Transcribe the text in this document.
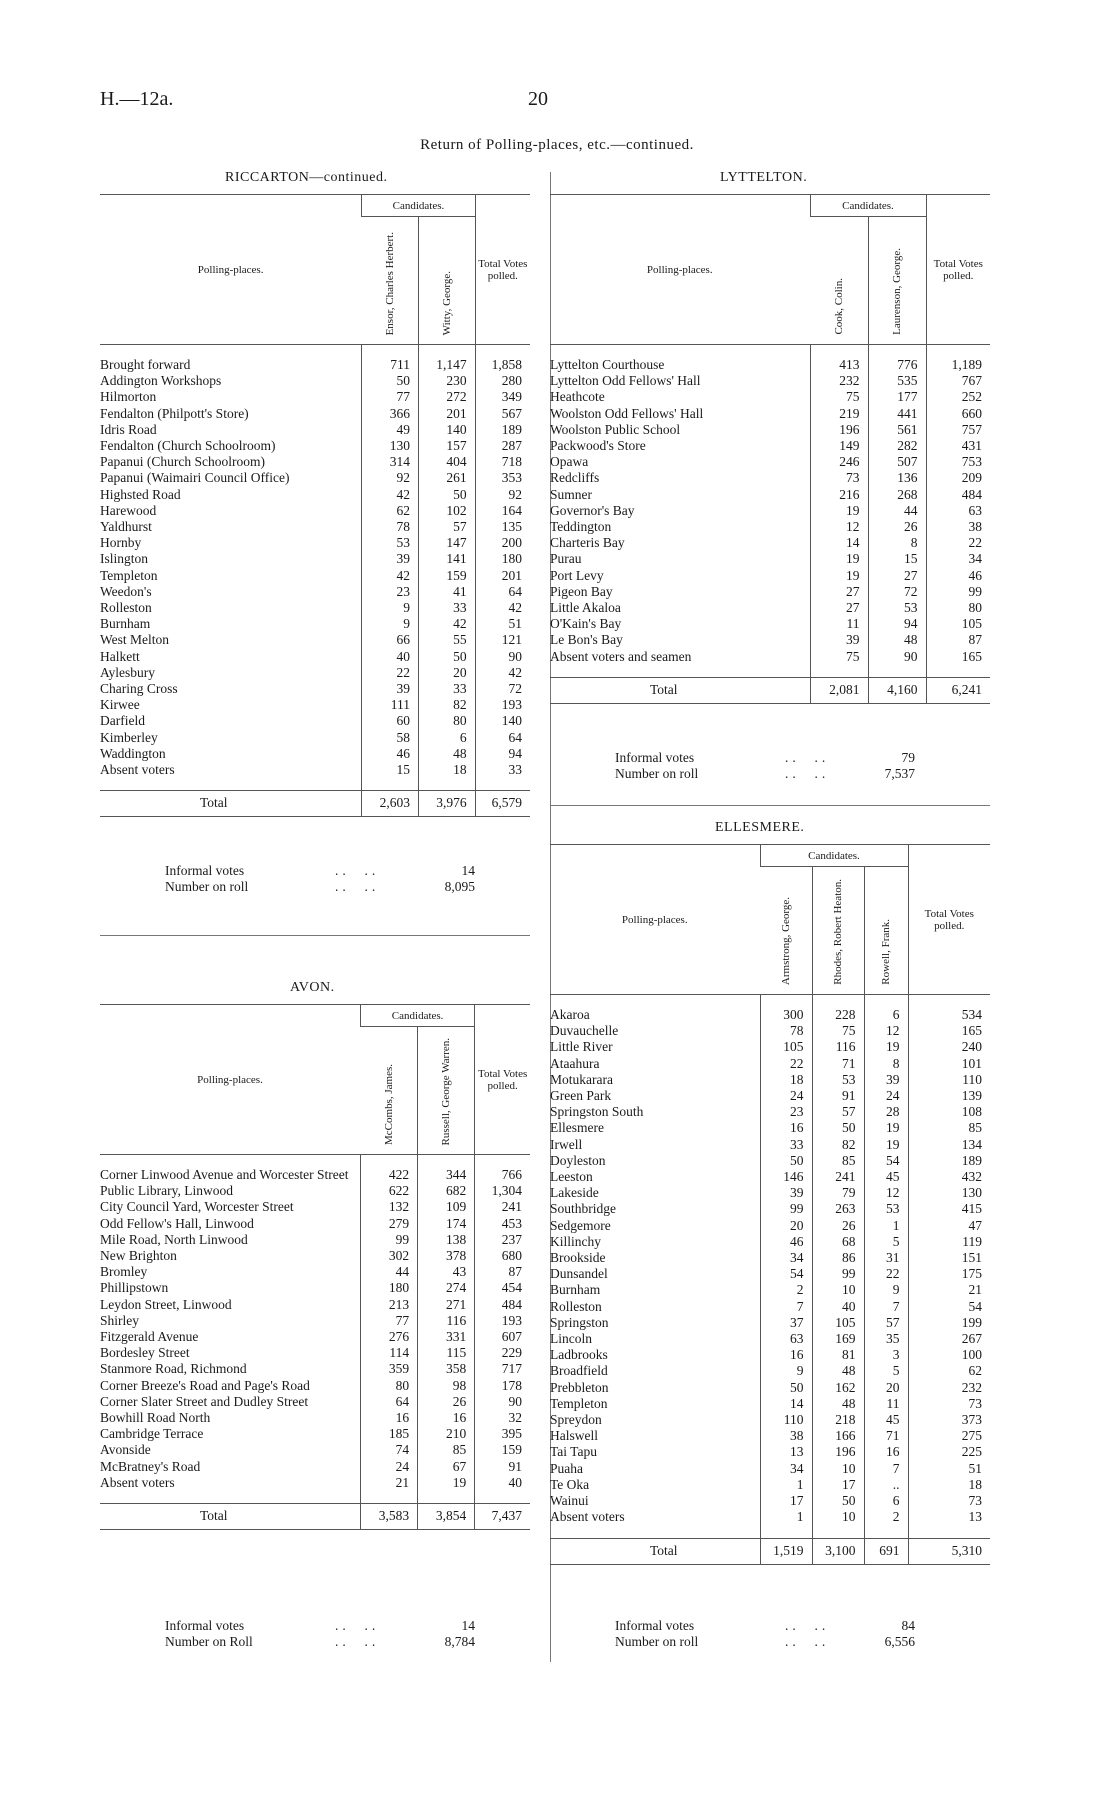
H.—12a.	20
Return of Polling-places, etc.—continued.
RICCARTON—continued.
Polling-places.	Candidates.		Total Votes polled.
	Ensor, Charles Herbert.	Witty, George.	

Brought forward	711	1,147	1,858
Addington Workshops	50	230	280
Hilmorton	77	272	349
Fendalton (Philpott's Store)	366	201	567
Idris Road	49	140	189
Fendalton (Church Schoolroom)	130	157	287
Papanui (Church Schoolroom)	314	404	718
Papanui (Waimairi Council Office)	92	261	353
Highsted Road	42	50	92
Harewood	62	102	164
Yaldhurst	78	57	135
Hornby	53	147	200
Islington	39	141	180
Templeton	42	159	201
Weedon's	23	41	64
Rolleston	9	33	42
Burnham	9	42	51
West Melton	66	55	121
Halkett	40	50	90
Aylesbury	22	20	42
Charing Cross	39	33	72
Kirwee	111	82	193
Darfield	60	80	140
Kimberley	58	6	64
Waddington	46	48	94
Absent voters	15	18	33

Total	2,603	3,976	6,579
LYTTELTON.
Polling-places.	Candidates.		Total Votes polled.
	Cook, Colin.	Laurenson, George.	

Lyttelton Courthouse	413	776	1,189
Lyttelton Odd Fellows' Hall	232	535	767
Heathcote	75	177	252
Woolston Odd Fellows' Hall	219	441	660
Woolston Public School	196	561	757
Packwood's Store	149	282	431
Opawa	246	507	753
Redcliffs	73	136	209
Sumner	216	268	484
Governor's Bay	19	44	63
Teddington	12	26	38
Charteris Bay	14	8	22
Purau	19	15	34
Port Levy	19	27	46
Pigeon Bay	27	72	99
Little Akaloa	27	53	80
O'Kain's Bay	11	94	105
Le Bon's Bay	39	48	87
Absent voters and seamen	75	90	165

Total	2,081	4,160	6,241
AVON.
Polling-places.	Candidates.		Total Votes polled.
	McCombs, James.	Russell, George Warren.	

Corner Linwood Avenue and Worcester Street	422	344	766
Public Library, Linwood	622	682	1,304
City Council Yard, Worcester Street	132	109	241
Odd Fellow's Hall, Linwood	279	174	453
Mile Road, North Linwood	99	138	237
New Brighton	302	378	680
Bromley	44	43	87
Phillipstown	180	274	454
Leydon Street, Linwood	213	271	484
Shirley	77	116	193
Fitzgerald Avenue	276	331	607
Bordesley Street	114	115	229
Stanmore Road, Richmond	359	358	717
Corner Breeze's Road and Page's Road	80	98	178
Corner Slater Street and Dudley Street	64	26	90
Bowhill Road North	16	16	32
Cambridge Terrace	185	210	395
Avonside	74	85	159
McBratney's Road	24	67	91
Absent voters	21	19	40

Total	3,583	3,854	7,437
ELLESMERE.
Polling-places.	Candidates.			Total Votes polled.
	Armstrong, George.	Rhodes, Robert Heaton.	Rowell, Frank.	

Akaroa	300	228	6	534
Duvauchelle	78	75	12	165
Little River	105	116	19	240
Ataahura	22	71	8	101
Motukarara	18	53	39	110
Green Park	24	91	24	139
Springston South	23	57	28	108
Ellesmere	16	50	19	85
Irwell	33	82	19	134
Doyleston	50	85	54	189
Leeston	146	241	45	432
Lakeside	39	79	12	130
Southbridge	99	263	53	415
Sedgemore	20	26	1	47
Killinchy	46	68	5	119
Brookside	34	86	31	151
Dunsandel	54	99	22	175
Burnham	2	10	9	21
Rolleston	7	40	7	54
Springston	37	105	57	199
Lincoln	63	169	35	267
Ladbrooks	16	81	3	100
Broadfield	9	48	5	62
Prebbleton	50	162	20	232
Templeton	14	48	11	73
Spreydon	110	218	45	373
Halswell	38	166	71	275
Tai Tapu	13	196	16	225
Puaha	34	10	7	51
Te Oka	1	17	..	18
Wainui	17	50	6	73
Absent voters	1	10	2	13

Total	1,519	3,100	691	5,310
Informal votes	..  ..	14
Number on roll	..  ..	8,095
Informal votes	..  ..	79
Number on roll	..  ..	7,537
Informal votes	..  ..	14
Number on Roll	..  ..	8,784
Informal votes	..  ..	84
Number on roll	..  ..	6,556
